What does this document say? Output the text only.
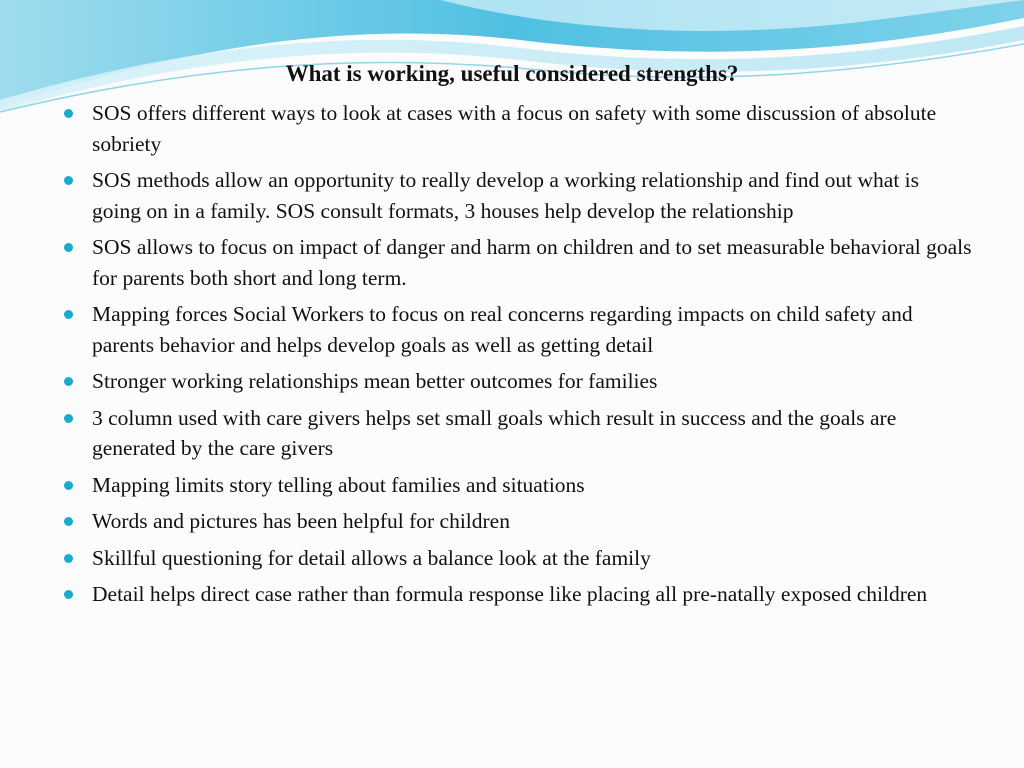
What is working, useful considered strengths?
SOS offers different ways to look at cases with a focus on safety with some discussion of absolute sobriety
SOS methods allow an opportunity to really develop a working relationship and find out what is going on in a family. SOS consult formats, 3 houses help develop the relationship
SOS allows to focus on impact of danger and harm on children and to set measurable behavioral goals for parents both short and long term.
Mapping forces Social Workers to focus on real concerns regarding impacts on child safety and parents behavior and helps develop goals as well as getting detail
Stronger working relationships mean better outcomes for families
3 column used with care givers helps set small goals which result in success and the goals are generated by the care givers
Mapping limits story telling about families and situations
Words and pictures has been helpful for children
Skillful questioning for detail allows a balance look at the family
Detail helps direct case rather than formula response like placing all pre-natally exposed children
